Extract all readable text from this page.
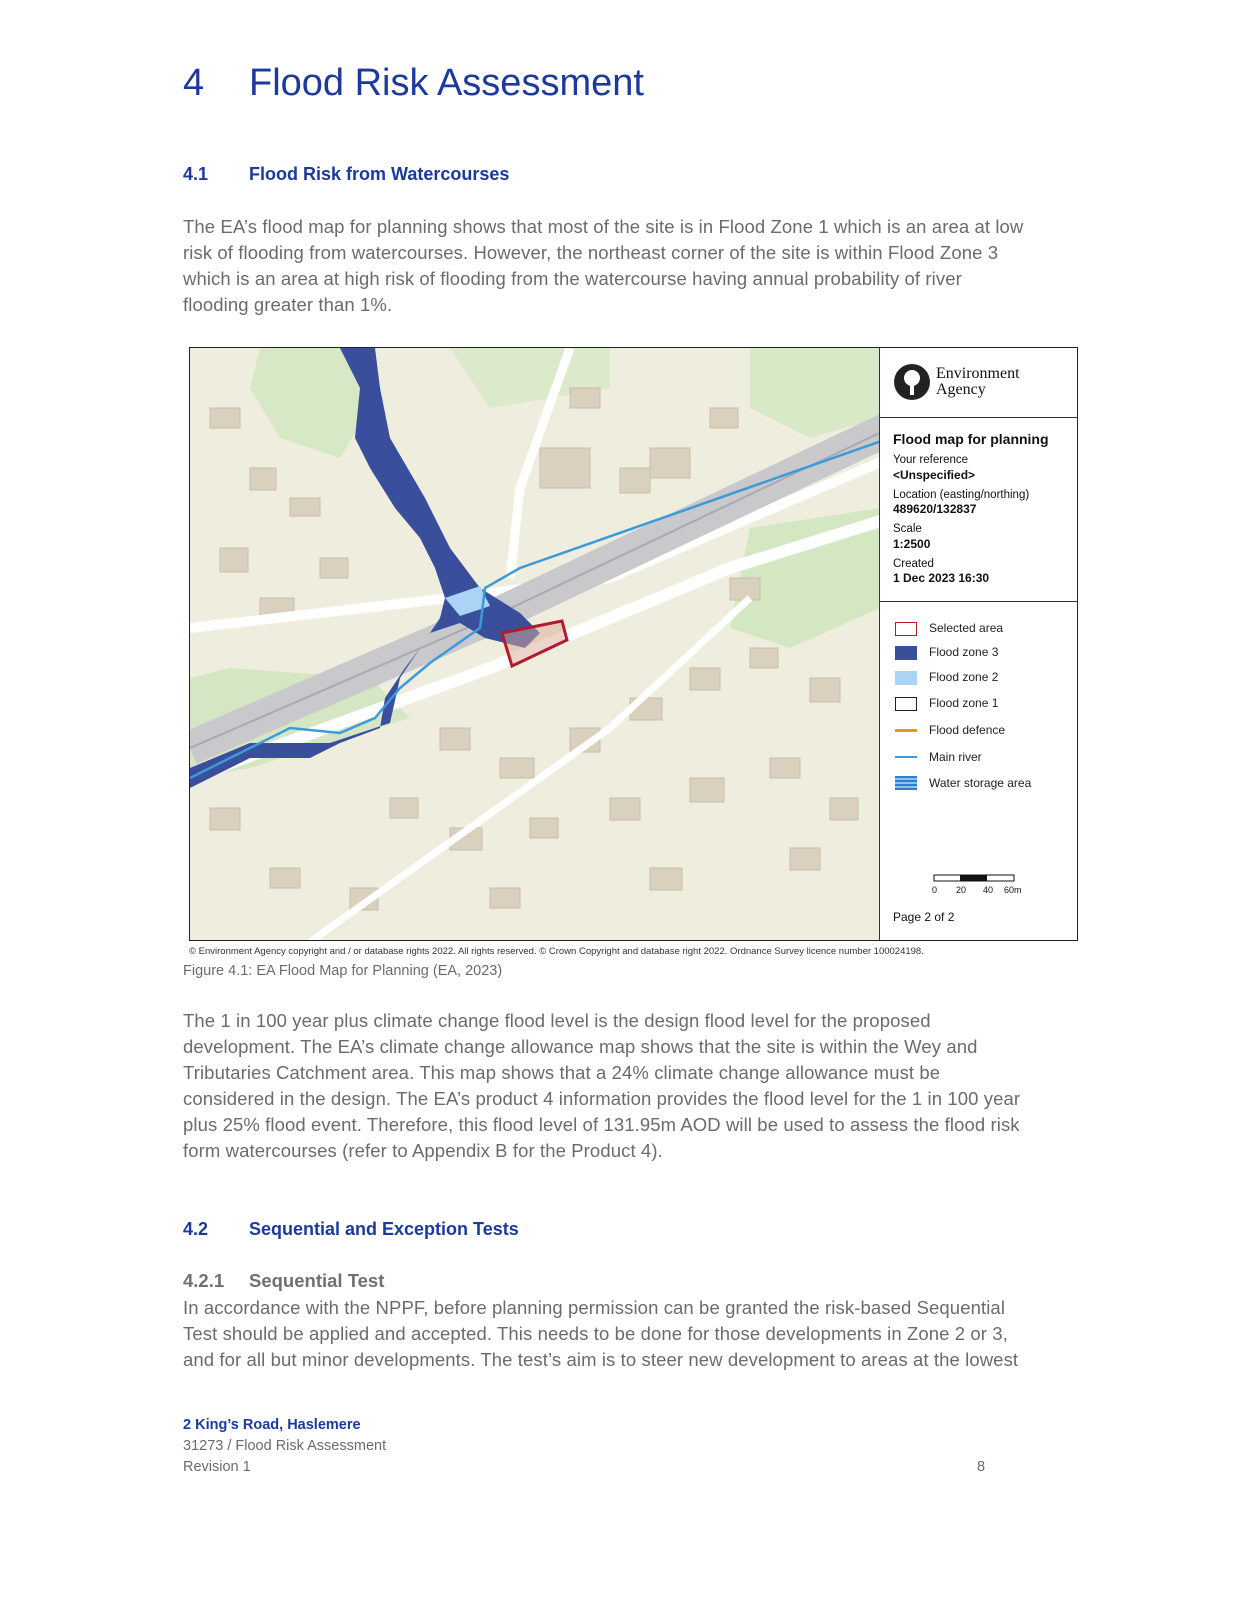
4 Flood Risk Assessment
4.1 Flood Risk from Watercourses
The EA’s flood map for planning shows that most of the site is in Flood Zone 1 which is an area at low
risk of flooding from watercourses. However, the northeast corner of the site is within Flood Zone 3
which is an area at high risk of flooding from the watercourse having annual probability of river
flooding greater than 1%.
Environment
Agency
Flood map for planning
Your reference
<Unspecified>
Location (easting/northing)
489620/132837
Scale
1:2500
Created
1 Dec 2023 16:30
Selected area
Flood zone 3
Flood zone 2
Flood zone 1
Flood defence
Main river
Water storage area
0 20 40 60m
Page 2 of 2
© Environment Agency copyright and / or database rights 2022. All rights reserved. © Crown Copyright and database right 2022. Ordnance Survey licence number 100024198.
Figure 4.1: EA Flood Map for Planning (EA, 2023)
The 1 in 100 year plus climate change flood level is the design flood level for the proposed
development. The EA’s climate change allowance map shows that the site is within the Wey and
Tributaries Catchment area. This map shows that a 24% climate change allowance must be
considered in the design. The EA’s product 4 information provides the flood level for the 1 in 100 year
plus 25% flood event. Therefore, this flood level of 131.95m AOD will be used to assess the flood risk
form watercourses (refer to Appendix B for the Product 4).
4.2 Sequential and Exception Tests
4.2.1 Sequential Test
In accordance with the NPPF, before planning permission can be granted the risk-based Sequential
Test should be applied and accepted. This needs to be done for those developments in Zone 2 or 3,
and for all but minor developments. The test’s aim is to steer new development to areas at the lowest
2 King’s Road, Haslemere
31273 / Flood Risk Assessment
Revision 1	8
